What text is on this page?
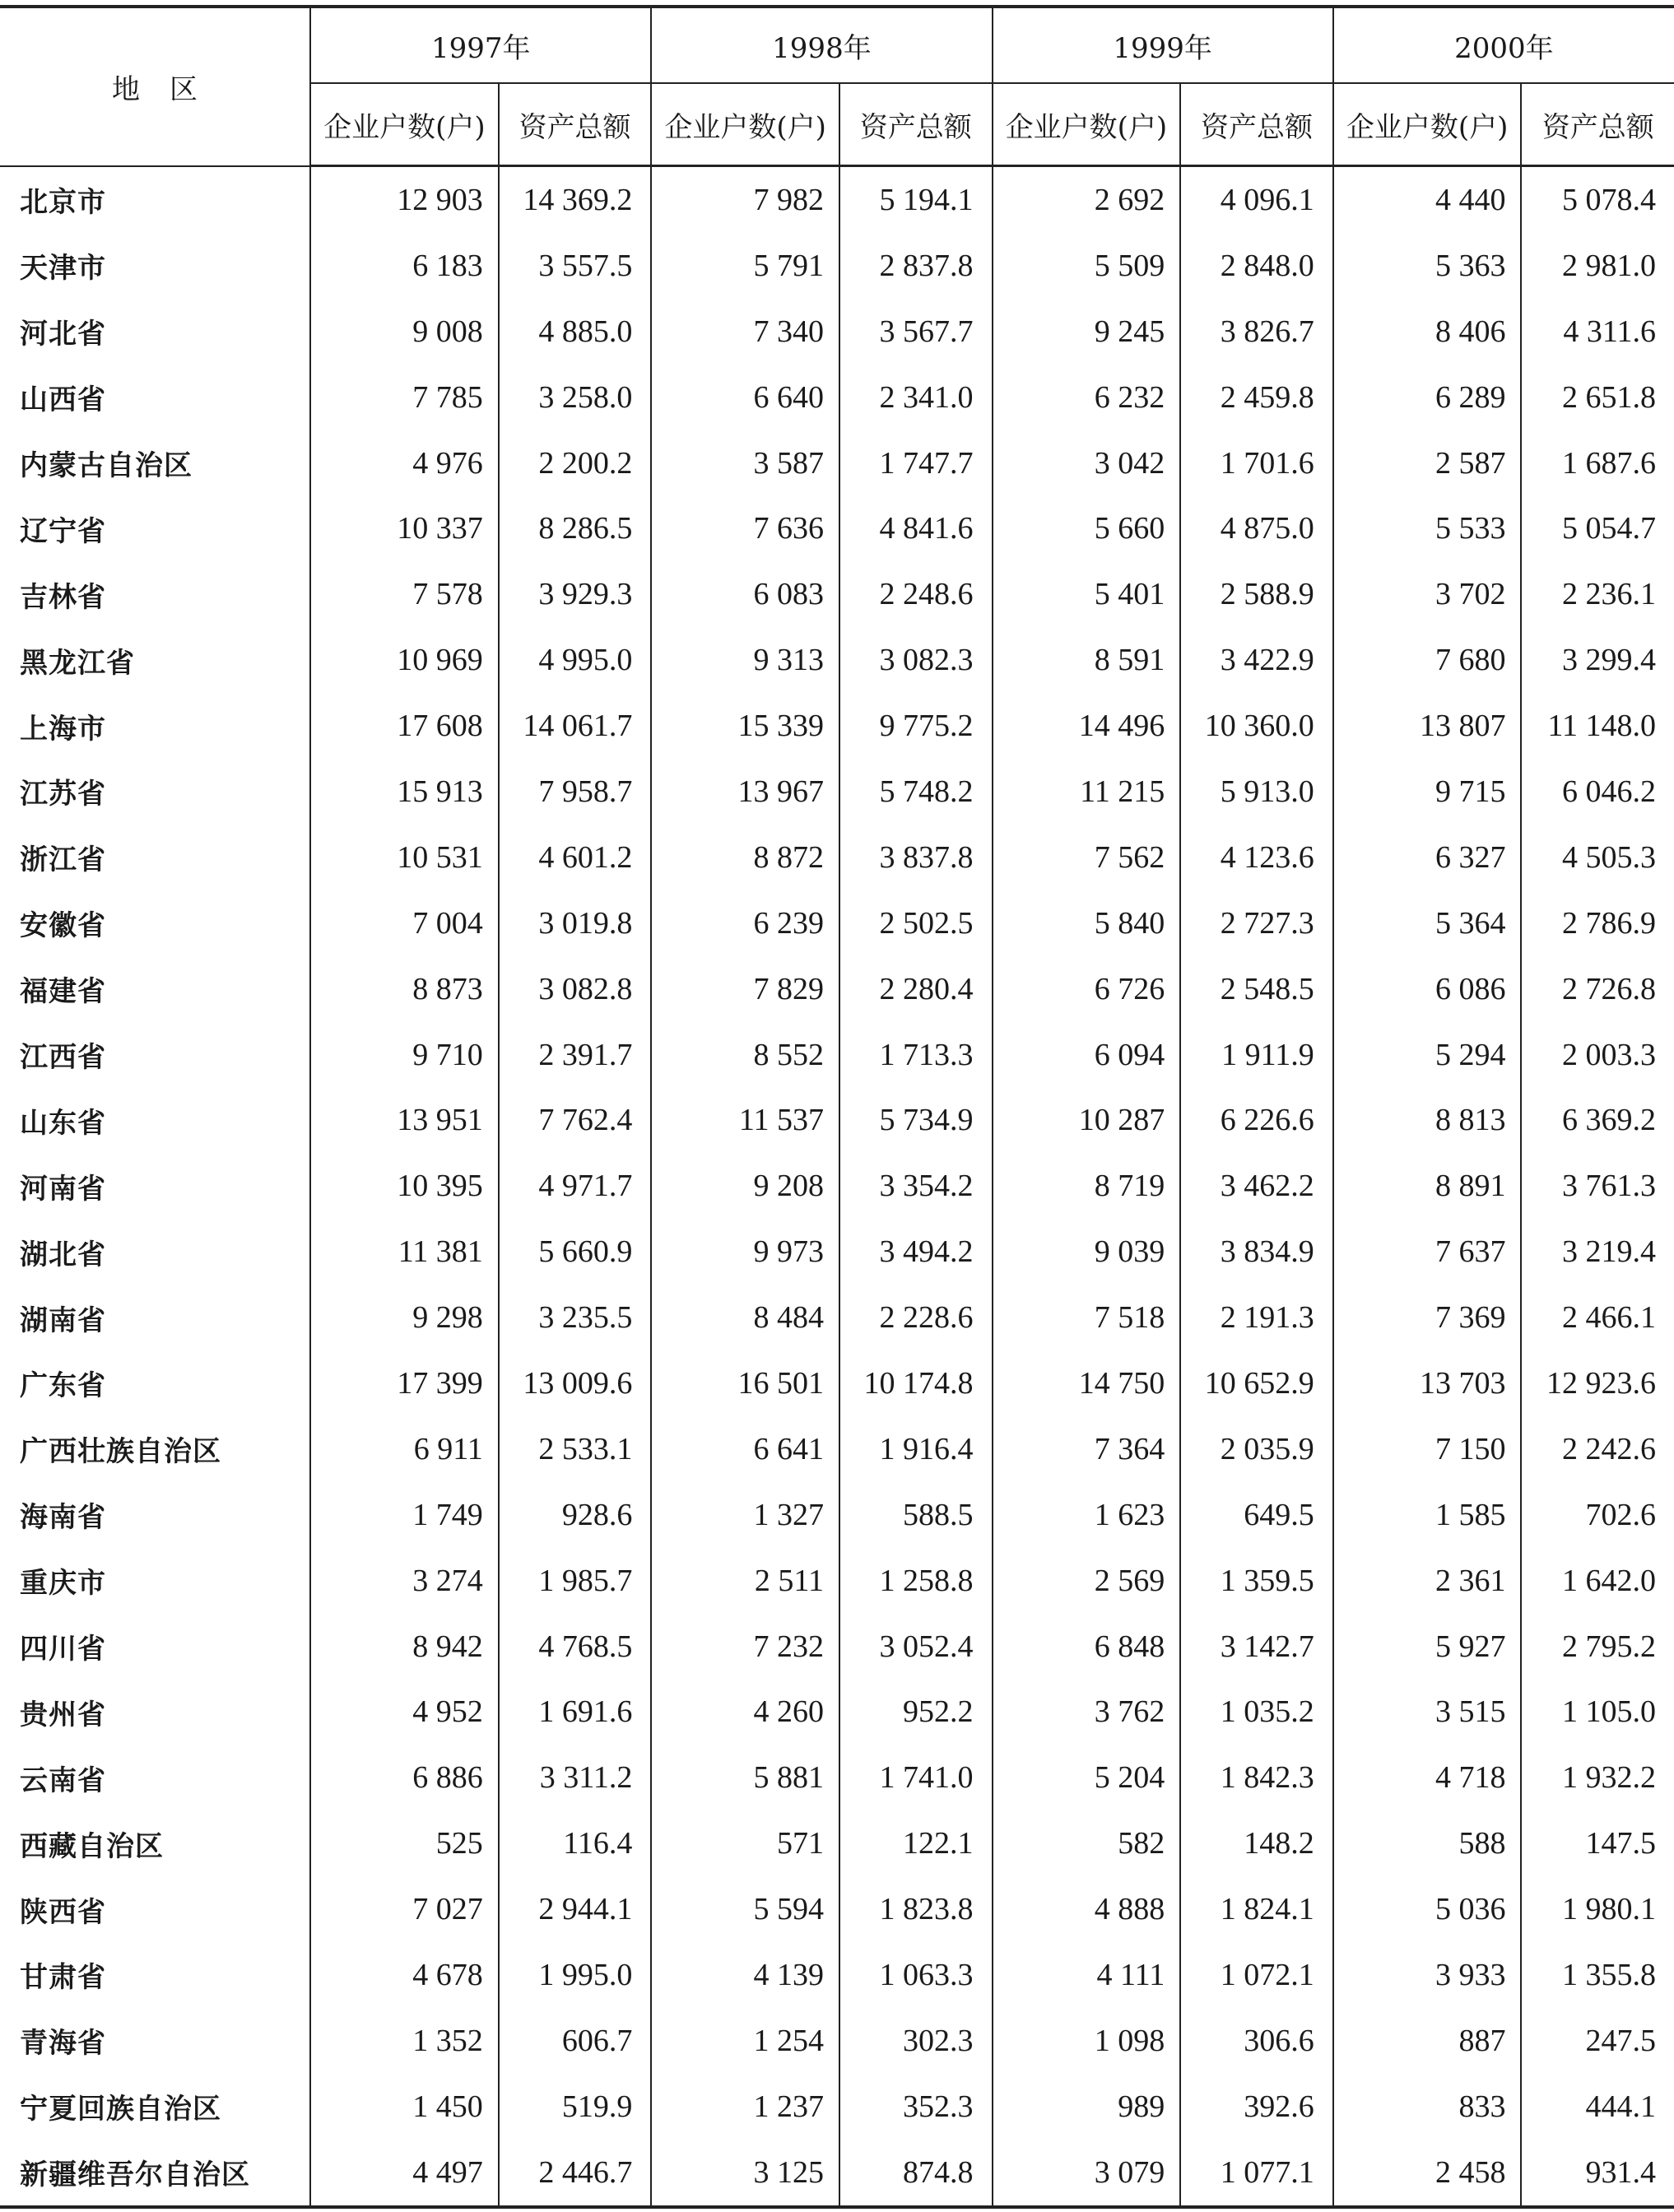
地区	1997年		1998年		1999年		2000年	
	企业户数(户)	资产总额	企业户数(户)	资产总额	企业户数(户)	资产总额	企业户数(户)	资产总额
北京市	12 903	14 369.2	7 982	5 194.1	2 692	4 096.1	4 440	5 078.4
天津市	6 183	3 557.5	5 791	2 837.8	5 509	2 848.0	5 363	2 981.0
河北省	9 008	4 885.0	7 340	3 567.7	9 245	3 826.7	8 406	4 311.6
山西省	7 785	3 258.0	6 640	2 341.0	6 232	2 459.8	6 289	2 651.8
内蒙古自治区	4 976	2 200.2	3 587	1 747.7	3 042	1 701.6	2 587	1 687.6
辽宁省	10 337	8 286.5	7 636	4 841.6	5 660	4 875.0	5 533	5 054.7
吉林省	7 578	3 929.3	6 083	2 248.6	5 401	2 588.9	3 702	2 236.1
黑龙江省	10 969	4 995.0	9 313	3 082.3	8 591	3 422.9	7 680	3 299.4
上海市	17 608	14 061.7	15 339	9 775.2	14 496	10 360.0	13 807	11 148.0
江苏省	15 913	7 958.7	13 967	5 748.2	11 215	5 913.0	9 715	6 046.2
浙江省	10 531	4 601.2	8 872	3 837.8	7 562	4 123.6	6 327	4 505.3
安徽省	7 004	3 019.8	6 239	2 502.5	5 840	2 727.3	5 364	2 786.9
福建省	8 873	3 082.8	7 829	2 280.4	6 726	2 548.5	6 086	2 726.8
江西省	9 710	2 391.7	8 552	1 713.3	6 094	1 911.9	5 294	2 003.3
山东省	13 951	7 762.4	11 537	5 734.9	10 287	6 226.6	8 813	6 369.2
河南省	10 395	4 971.7	9 208	3 354.2	8 719	3 462.2	8 891	3 761.3
湖北省	11 381	5 660.9	9 973	3 494.2	9 039	3 834.9	7 637	3 219.4
湖南省	9 298	3 235.5	8 484	2 228.6	7 518	2 191.3	7 369	2 466.1
广东省	17 399	13 009.6	16 501	10 174.8	14 750	10 652.9	13 703	12 923.6
广西壮族自治区	6 911	2 533.1	6 641	1 916.4	7 364	2 035.9	7 150	2 242.6
海南省	1 749	928.6	1 327	588.5	1 623	649.5	1 585	702.6
重庆市	3 274	1 985.7	2 511	1 258.8	2 569	1 359.5	2 361	1 642.0
四川省	8 942	4 768.5	7 232	3 052.4	6 848	3 142.7	5 927	2 795.2
贵州省	4 952	1 691.6	4 260	952.2	3 762	1 035.2	3 515	1 105.0
云南省	6 886	3 311.2	5 881	1 741.0	5 204	1 842.3	4 718	1 932.2
西藏自治区	525	116.4	571	122.1	582	148.2	588	147.5
陕西省	7 027	2 944.1	5 594	1 823.8	4 888	1 824.1	5 036	1 980.1
甘肃省	4 678	1 995.0	4 139	1 063.3	4 111	1 072.1	3 933	1 355.8
青海省	1 352	606.7	1 254	302.3	1 098	306.6	887	247.5
宁夏回族自治区	1 450	519.9	1 237	352.3	989	392.6	833	444.1
新疆维吾尔自治区	4 497	2 446.7	3 125	874.8	3 079	1 077.1	2 458	931.4
